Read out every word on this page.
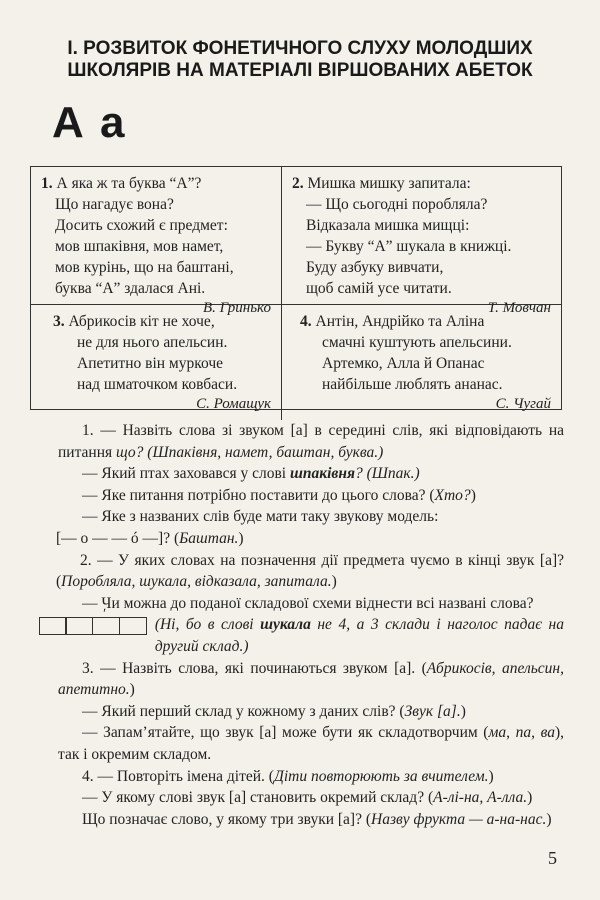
І. РОЗВИТОК ФОНЕТИЧНОГО СЛУХУ МОЛОДШИХ
ШКОЛЯРІВ НА МАТЕРІАЛІ ВІРШОВАНИХ АБЕТОК
А а
1. А яка ж та буква “А”?
Що нагадує вона?
Досить схожий є предмет:
мов шпаківня, мов намет,
мов курінь, що на баштані,
буква “А” здалася Ані.
В. Гринько
2. Мишка мишку запитала:
— Що сьогодні поробляла?
Відказала мишка мищці:
— Букву “А” шукала в книжці.
Буду азбуку вивчати,
щоб самій усе читати.
Т. Мовчан
3. Абрикосів кіт не хоче,
не для нього апельсин.
Апетитно він муркоче
над шматочком ковбаси.
С. Ромащук
4. Антін, Андрійко та Аліна
смачні куштують апельсини.
Артемко, Алла й Опанас
найбільше люблять ананас.
С. Чугай

1. — Назвіть слова зі звуком [а] в середині слів, які відповідають на питання що? (Шпаківня, намет, баштан, буква.)

— Який птах заховався у слові шпаківня? (Шпак.)

— Яке питання потрібно поставити до цього слова? (Хто?)

— Яке з названих слів буде мати таку звукову модель:

[— о — — ó —]? (Баштан.)

2. — У яких словах на позначення дії предмета чуємо в кінці звук [а]? (Поробляла, шукала, відказала, запитала.)

— Чи можна до поданої складової схеми віднести всі названі слова?

ʹ

(Ні, бо в слові шукала не 4, а 3 склади і наголос падає на другий склад.)

3. — Назвіть слова, які починаються звуком [а]. (Абрикосів, апельсин, апетитно.)

— Який перший склад у кожному з даних слів? (Звук [а].)

— Запам’ятайте, що звук [а] може бути як складотворчим (ма, па, ва), так і окремим складом.

4. — Повторіть імена дітей. (Діти повторюють за вчителем.)

— У якому слові звук [а] становить окремий склад? (А-лі-на, А-лла.)

Що позначає слово, у якому три звуки [а]? (Назву фрукта — а-на-нас.)

5
